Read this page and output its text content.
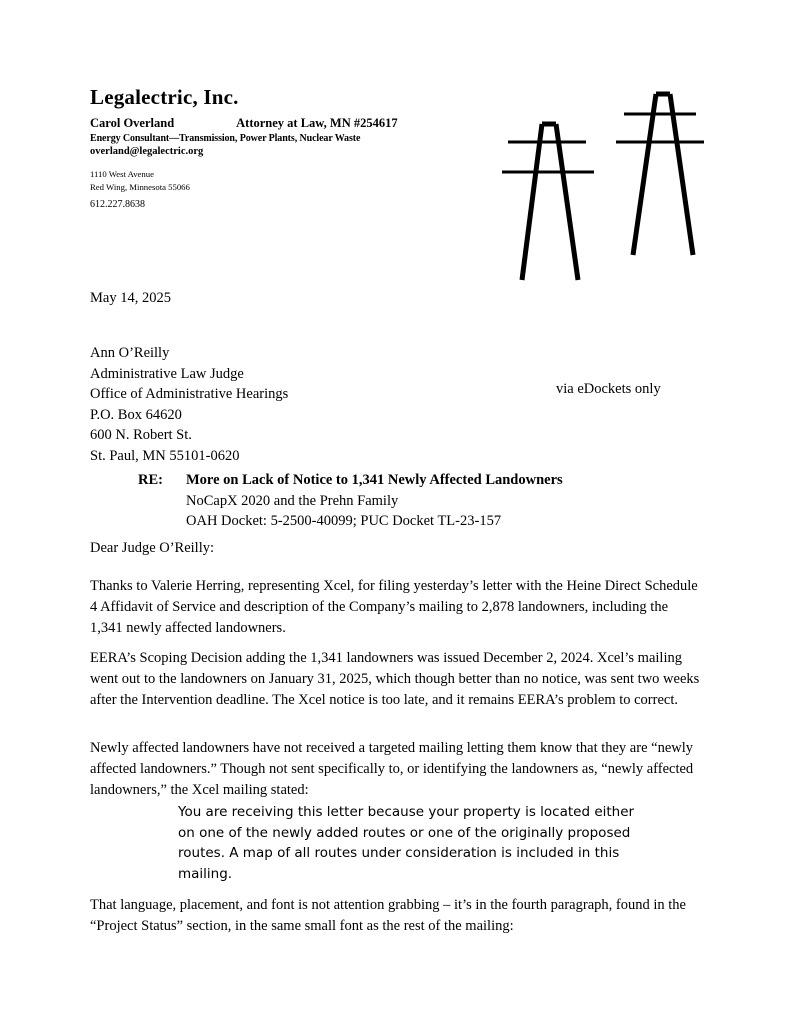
Legalectric, Inc.
Carol Overland	Attorney at Law, MN #254617
Energy Consultant—Transmission, Power Plants, Nuclear Waste
overland@legalectric.org
1110 West Avenue
Red Wing, Minnesota 55066
612.227.8638
May 14, 2025
Ann O’Reilly
Administrative Law Judge
Office of Administrative Hearings
P.O. Box 64620
600 N. Robert St.
St. Paul, MN 55101-0620
via eDockets only
RE: More on Lack of Notice to 1,341 Newly Affected Landowners
NoCapX 2020 and the Prehn Family
OAH Docket: 5-2500-40099; PUC Docket TL-23-157
Dear Judge O’Reilly:
Thanks to Valerie Herring, representing Xcel, for filing yesterday’s letter with the Heine Direct Schedule 4 Affidavit of Service and description of the Company’s mailing to 2,878 landowners, including the 1,341 newly affected landowners.
EERA’s Scoping Decision adding the 1,341 landowners was issued December 2, 2024. Xcel’s mailing went out to the landowners on January 31, 2025, which though better than no notice, was sent two weeks after the Intervention deadline. The Xcel notice is too late, and it remains EERA’s problem to correct.
Newly affected landowners have not received a targeted mailing letting them know that they are “newly affected landowners.” Though not sent specifically to, or identifying the landowners as, “newly affected landowners,” the Xcel mailing stated:
You are receiving this letter because your property is located either on one of the newly added routes or one of the originally proposed routes. A map of all routes under consideration is included in this mailing.
That language, placement, and font is not attention grabbing – it’s in the fourth paragraph, found in the “Project Status” section, in the same small font as the rest of the mailing:
